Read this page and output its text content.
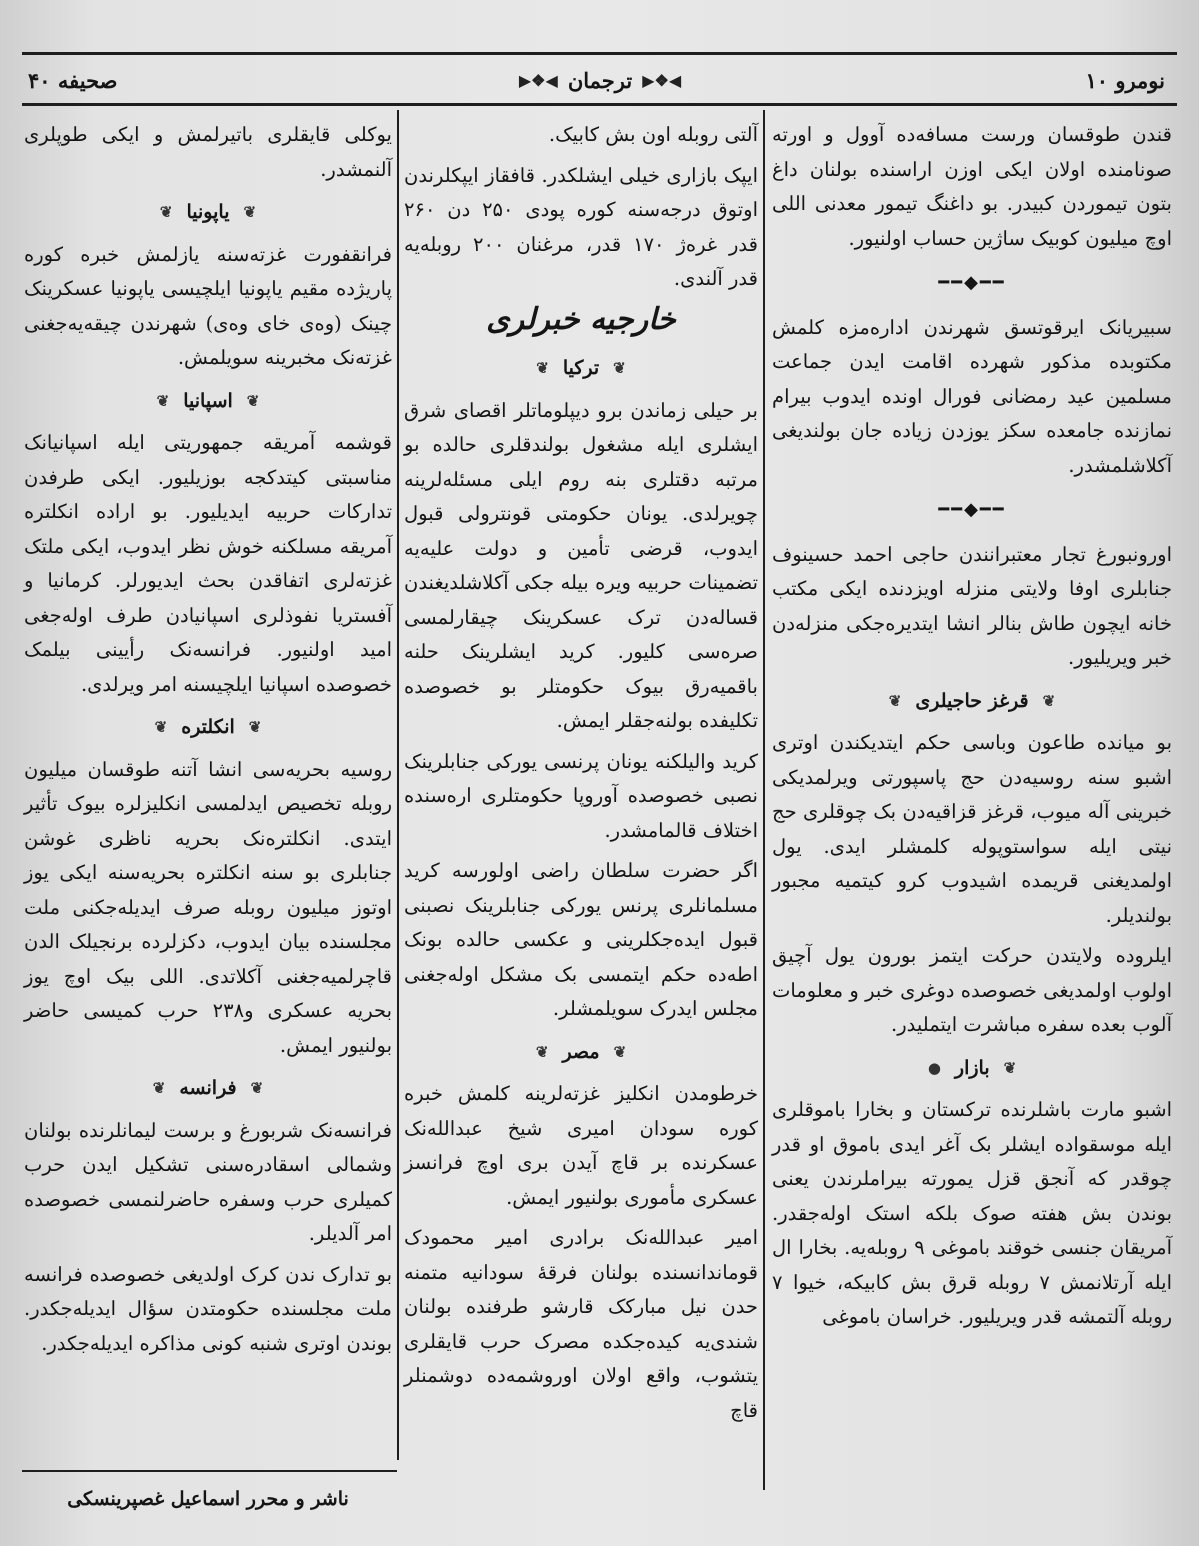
صحیفه ۴۰	◀❖▶
ترجمان
◀❖▶	نومرو ۱۰

قندن طوقسان ورست مسافه‌ده آوول و اورته صونامنده اولان ایکی اوزن اراسنده بولنان داغ بتون تیموردن کبیدر. بو داغنگ تیمور معدنی اللی اوچ میلیون کوبیک ساژین حساب اولنیور.

━━◆━━

سبیریانک ایرقوتسق شهرندن اداره‌مزه کلمش مکتوبده مذکور شهرده اقامت ایدن جماعت مسلمین عید رمضانی فورال اونده ایدوب بیرام نمازنده جامعده سکز یوزدن زیاده جان بولندیغی آکلاشلمشدر.

━━◆━━

اورونبورغ تجار معتبرانندن حاجی احمد حسینوف جنابلری اوفا ولایتی منزله اویزدنده ایکی مکتب خانه ایچون طاش بنالر انشا ایتدیره‌جکی منزله‌دن خبر ویریلیور.

❦
قرغز حاجیلری
❦

بو میانده طاعون وباسی حکم ایتدیکندن اوتری اشبو سنه روسیه‌دن حج پاسپورتی ویرلمدیکی خبرینی آله میوب، قرغز قزاقیه‌دن بک چوقلری حج نیتی ایله سواستوپوله کلمشلر ایدی. یول اولمدیغنی قریمده اشیدوب کرو کیتمیه مجبور بولندیلر.

ایلروده ولایتدن حرکت ایتمز بورون یول آچیق اولوب اولمدیغی خصوصده دوغری خبر و معلومات آلوب بعده سفره مباشرت ایتملیدر.

❦
بازار
●

اشبو مارت باشلرنده ترکستان و بخارا باموقلری ایله موسقواده ایشلر بک آغر ایدی باموق او قدر چوقدر که آنجق قزل یمورته بیراملرندن یعنی بوندن بش هفته صوک بلکه استک اوله‌جقدر. آمریقان جنسی خوقند باموغی ۹ روبله‌یه. بخارا ال ایله آرتلانمش ۷ روبله قرق بش کابیکه، خیوا ۷ روبله آلتمشه قدر ویریلیور. خراسان باموغی

آلتی روبله اون بش کابیک.

ایپک بازاری خیلی ایشلکدر. قافقاز ایپکلرندن اوتوق درجه‌سنه کوره پودی ۲۵۰ دن ۲۶۰ قدر غره‌ژ ۱۷۰ قدر، مرغنان ۲۰۰ روبله‌یه قدر آلندی.

خارجیه خبرلری
❦
ترکیا
❦

بر حیلی زماندن برو دیپلوماتلر اقصای شرق ایشلری ایله مشغول بولندقلری حالده بو مرتبه دقتلری بنه روم ایلی مسئله‌لرینه چویرلدی. یونان حکومتی قونترولی قبول ایدوب، قرضی تأمین و دولت علیه‌یه تضمینات حربیه ویره بیله جکی آکلاشلدیغندن قساله‌دن ترک عسکرینک چیقارلمسی صره‌سی کلیور. کرید ایشلرینک حلنه باقمیه‌رق بیوک حکومتلر بو خصوصده تکلیفده بولنه‌جقلر ایمش.

کرید والیلکنه یونان پرنسی یورکی جنابلرینک نصبی خصوصده آوروپا حکومتلری اره‌سنده اختلاف قالمامشدر.

اگر حضرت سلطان راضی اولورسه کرید مسلمانلری پرنس یورکی جنابلرینک نصبنی قبول ایده‌جکلرینی و عکسی حالده بونک اطه‌ده حکم ایتمسی بک مشکل اوله‌جغنی مجلس ایدرک سویلمشلر.

❦
مصر
❦

خرطومدن انکلیز غزته‌لرینه کلمش خبره کوره سودان امیری شیخ عبدالله‌نک عسکرنده بر قاچ آیدن بری اوچ فرانسز عسکری مأموری بولنیور ایمش.

امیر عبدالله‌نک برادری امیر محمودک قوماندانسنده بولنان فرقهٔ سودانیه متمنه حدن نیل مبارکک قارشو طرفنده بولنان شندی‌یه کیده‌جکده مصرک حرب قایقلری یتشوب، واقع اولان اوروشمه‌ده دوشمنلر قاچ

یوکلی قایقلری باتیرلمش و ایکی طوپلری آلنمشدر.

❦
یاپونیا
❦

فرانقفورت غزته‌سنه یازلمش خبره کوره پاریژده مقیم یاپونیا ایلچیسی یاپونیا عسکرینک چینک (وەی خای وەی) شهرندن چیقه‌یه‌جغنی غزته‌نک مخبرینه سویلمش.

❦
اسپانیا
❦

قوشمه آمریقه جمهوریتی ایله اسپانیانک مناسبتی کیتدکجه بوزیلیور. ایکی طرفدن تدارکات حربیه ایدیلیور. بو اراده انکلتره آمریقه مسلکنه خوش نظر ایدوب، ایکی ملتک غزته‌لری اتفاقدن بحث ایدیورلر. کرمانیا و آفستریا نفوذلری اسپانیادن طرف اوله‌جغی امید اولنیور. فرانسه‌نک رأیینی بیلمک خصوصده اسپانیا ایلچیسنه امر ویرلدی.

❦
انکلتره
❦

روسیه بحریه‌سی انشا آتنه طوقسان میلیون روبله تخصیص ایدلمسی انکلیزلره بیوک تأثیر ایتدی. انکلتره‌نک بحریه ناظری غوشن جنابلری بو سنه انکلتره بحریه‌سنه ایکی یوز اوتوز میلیون روبله صرف ایدیله‌جکنی ملت مجلسنده بیان ایدوب، دکزلرده برنجیلک الدن قاچرلمیه‌جغنی آکلاتدی. اللی بیک اوچ یوز بحریه عسکری و۲۳۸ حرب کمیسی حاضر بولنیور ایمش.

❦
فرانسه
❦

فرانسه‌نک شربورغ و برست لیمانلرنده بولنان وشمالی اسقادره‌سنی تشکیل ایدن حرب کمیلری حرب وسفره حاضرلنمسی خصوصده امر آلدیلر.

بو تدارک ندن کرک اولدیغی خصوصده فرانسه ملت مجلسنده حکومتدن سؤال ایدیله‌جکدر. بوندن اوتری شنبه کونی مذاکره ایدیله‌جکدر.

ناشر و محرر اسماعیل غصپرینسکی
